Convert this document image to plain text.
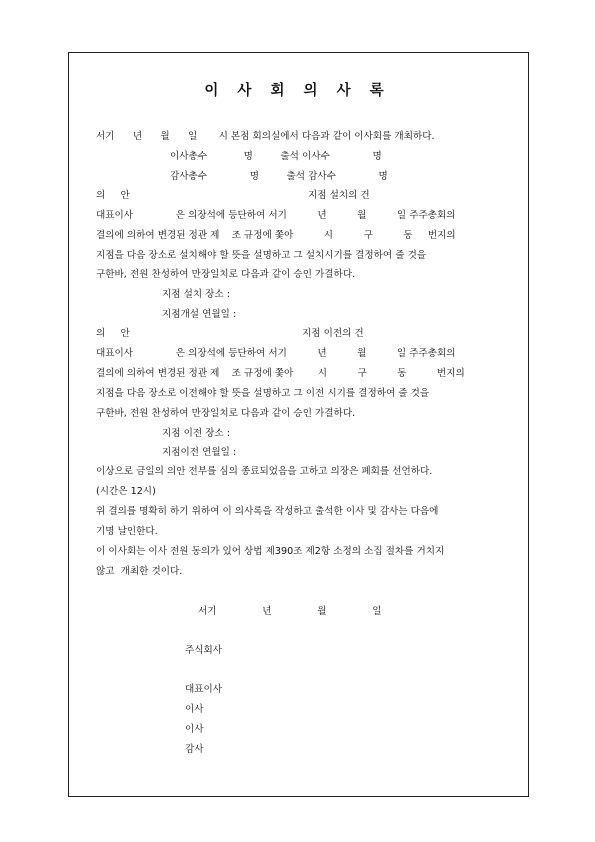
이 사 회 의 사 록
서기      년      월      일       시 본점 회의실에서 다음과 같이 이사회를 개최하다.
이사총수            명         출석 이사수              명
감사총수              명         출석 감사수              명
의     안	지점 설치의 건
대표이사              은 의장석에 등단하여 서기          년          월          일 주주총회의
결의에 의하여 변경된 정관 제    조 규정에 쫓아          시          구          동     번지의
지점을 다음 장소로 설치해야 할 뜻을 설명하고 그 설치시기를 결정하여 줄 것을
구한바, 전원 찬성하여 만장일치로 다음과 같이 승인 가결하다.
지점 설치 장소 :
지점개설 연월일 :
의     안	지점 이전의 건
대표이사              은 의장석에 등단하여 서기          년          월          일 주주총회의
결의에 의하여 변경된 정관 제    조 규정에 쫓아        시          구          동          번지의
지점을 다음 장소로 이전해야 할 뜻을 설명하고 그 이전 시기를 결정하여 줄 것을
구한바, 전원 찬성하여 만장일치로 다음과 같이 승인 가결하다.
지점 이전 장소 :
지점이전 연월일 :
이상으로 금일의 의안 전부를 심의 종료되었음을 고하고 의장은 폐회를 선언하다.
(시간은 12시)
위 결의를 명확히 하기 위하여 이 의사록을 작성하고 출석한 이사 및 감사는 다음에
기명 날인한다.
이 이사회는 이사 전원 동의가 있어 상법 제390조 제2항 소정의 소집 절차를 거치지
않고  개최한 것이다.
서기               년               월               일
주식회사
대표이사
이사
이사
감사
